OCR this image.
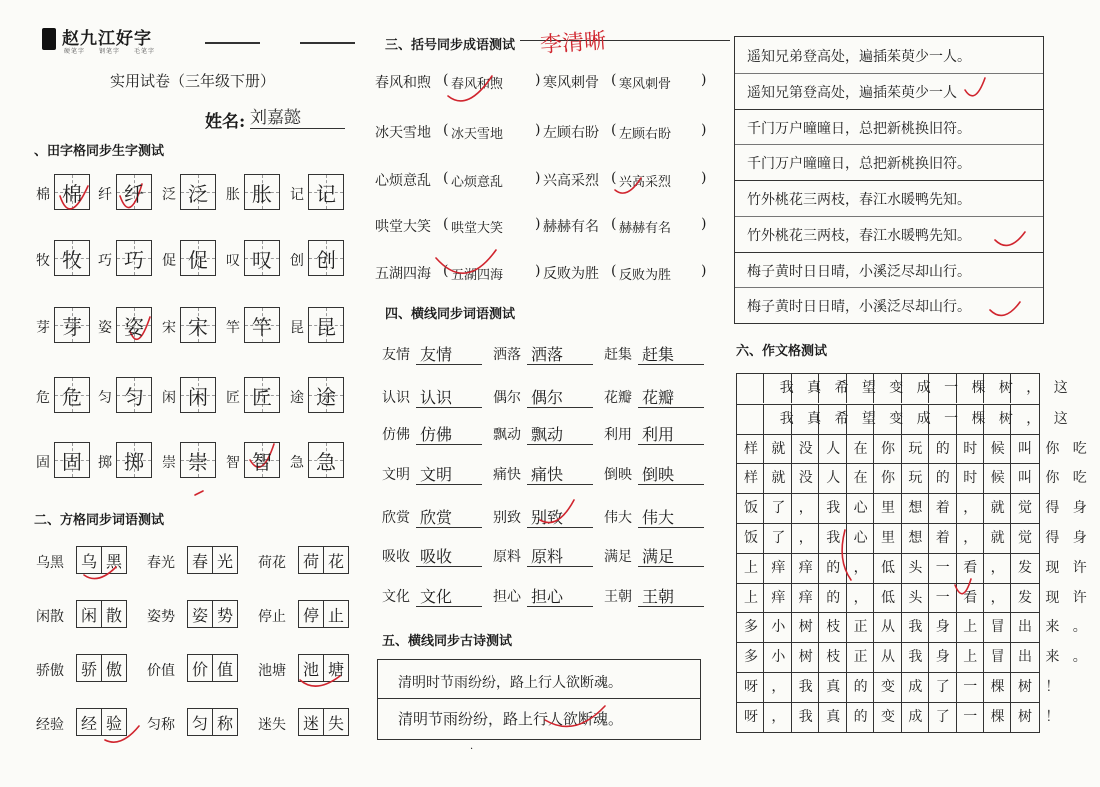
赵九江好字
硬笔字　　钢笔字　　毛笔字
实用试卷（三年级下册）
姓名: 刘嘉懿
李清晰
、田字格同步生字测试
棉 棉	纤 纤	泛 泛	胀 胀	记 记
牧 牧	巧 巧	促 促	叹 叹	创 创
芽 芽	姿 姿	宋 宋	竿 竿	昆 昆
危 危	匀 匀	闲 闲	匠 匠	途 途
固 固	掷 掷	崇 崇	智 智	急 急
二、方格同步词语测试
乌黑	乌 黑	春光	春 光	荷花	荷 花
闲散	闲 散	姿势	姿 势	停止	停 止
骄傲	骄 傲	价值	价 值	池塘	池 塘
经验	经 验	匀称	匀 称	迷失	迷 失
三、括号同步成语测试
春风和煦 ( 春风和煦 ) 寒风刺骨 ( 寒风刺骨 )
冰天雪地 ( 冰天雪地 ) 左顾右盼 ( 左顾右盼 )
心烦意乱 ( 心烦意乱 ) 兴高采烈 ( 兴高采烈 )
哄堂大笑 ( 哄堂大笑 ) 赫赫有名 ( 赫赫有名 )
五湖四海 ( 五湖四海 ) 反败为胜 ( 反败为胜 )
四、横线同步词语测试
友情 友情	洒落 洒落	赶集 赶集
认识 认识	偶尔 偶尔	花瓣 花瓣
仿佛 仿佛	飘动 飘动	利用 利用
文明 文明	痛快 痛快	倒映 倒映
欣赏 欣赏	别致 别致	伟大 伟大
吸收 吸收	原料 原料	满足 满足
文化 文化	担心 担心	王朝 王朝
五、横线同步古诗测试
清明时节雨纷纷，路上行人欲断魂。
清明节雨纷纷，路上行人欲断魂。
遥知兄弟登高处，遍插茱萸少一人。
遥知兄第登高处，遍插茱萸少一人
千门万户曈曈日，总把新桃换旧符。
千门万户曈曈日，总把新桃换旧符。
竹外桃花三两枝，春江水暖鸭先知。
竹外桃花三两枝，春江水暖鸭先知。
梅子黄时日日晴，小溪泛尽却山行。
梅子黄时日日晴，小溪泛尽却山行。
六、作文格测试
我真希望变成一棵树，这
我真希望变成一棵树，这
样就没人在你玩的时候叫你吃
样就没人在你玩的时候叫你吃
饭了，我心里想着，就觉得身
饭了，我心里想着，就觉得身
上痒痒的，低头一看，发现许
上痒痒的，低头一看，发现许
多小树枝正从我身上冒出来。
多小树枝正从我身上冒出来。
呀，我真的变成了一棵树！
呀，我真的变成了一棵树！
·
